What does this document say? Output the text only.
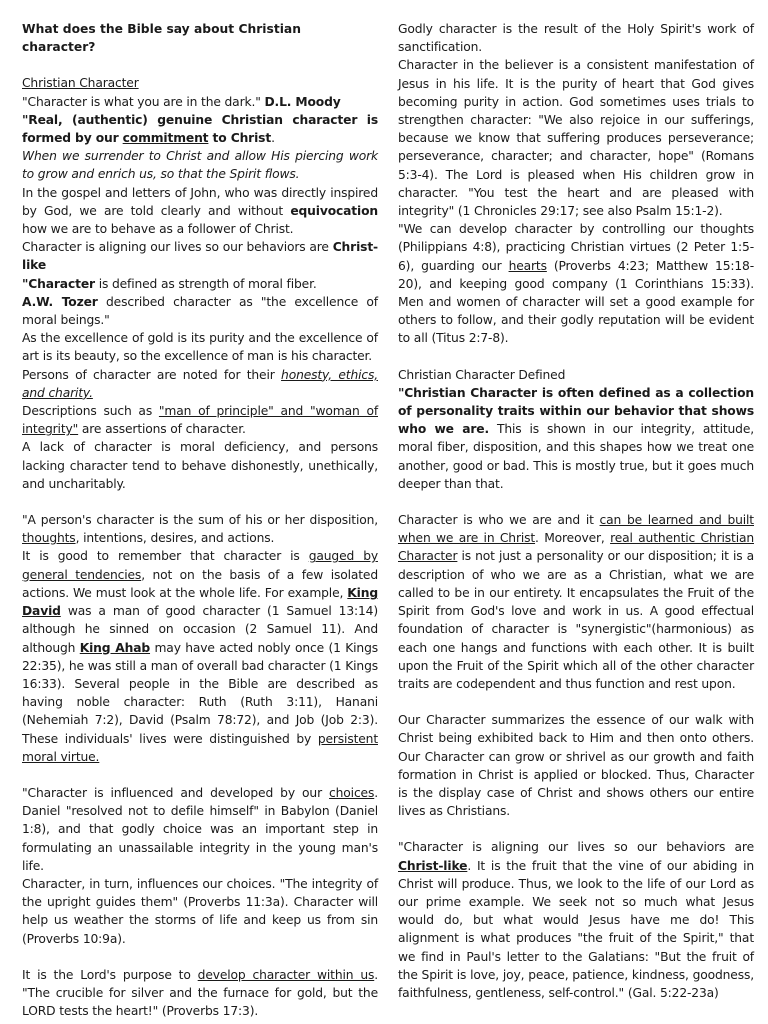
What does the Bible say about Christian character?

Christian Character

"Character is what you are in the dark." D.L. Moody

"Real, (authentic) genuine Christian character is formed by our commitment to Christ.

When we surrender to Christ and allow His piercing work to grow and enrich us, so that the Spirit flows.

In the gospel and letters of John, who was directly inspired by God, we are told clearly and without equivocation how we are to behave as a follower of Christ.

Character is aligning our lives so our behaviors are Christ-like

"Character is defined as strength of moral fiber.

A.W. Tozer described character as "the excellence of moral beings."

As the excellence of gold is its purity and the excellence of art is its beauty, so the excellence of man is his character.

Persons of character are noted for their honesty, ethics, and charity.

Descriptions such as "man of principle" and "woman of integrity" are assertions of character.

A lack of character is moral deficiency, and persons lacking character tend to behave dishonestly, unethically, and uncharitably.

"A person's character is the sum of his or her disposition, thoughts, intentions, desires, and actions.

It is good to remember that character is gauged by general tendencies, not on the basis of a few isolated actions. We must look at the whole life. For example, King David was a man of good character (1 Samuel 13:14) although he sinned on occasion (2 Samuel 11). And although King Ahab may have acted nobly once (1 Kings 22:35), he was still a man of overall bad character (1 Kings 16:33). Several people in the Bible are described as having noble character: Ruth (Ruth 3:11), Hanani (Nehemiah 7:2), David (Psalm 78:72), and Job (Job 2:3). These individuals' lives were distinguished by persistent moral virtue.

"Character is influenced and developed by our choices. Daniel "resolved not to defile himself" in Babylon (Daniel 1:8), and that godly choice was an important step in formulating an unassailable integrity in the young man's life.

Character, in turn, influences our choices. "The integrity of the upright guides them" (Proverbs 11:3a). Character will help us weather the storms of life and keep us from sin (Proverbs 10:9a).

It is the Lord's purpose to develop character within us. "The crucible for silver and the furnace for gold, but the LORD tests the heart!" (Proverbs 17:3).

Godly character is the result of the Holy Spirit's work of sanctification.

Character in the believer is a consistent manifestation of Jesus in his life. It is the purity of heart that God gives becoming purity in action. God sometimes uses trials to strengthen character: "We also rejoice in our sufferings, because we know that suffering produces perseverance; perseverance, character; and character, hope" (Romans 5:3-4). The Lord is pleased when His children grow in character. "You test the heart and are pleased with integrity" (1 Chronicles 29:17; see also Psalm 15:1-2).

"We can develop character by controlling our thoughts (Philippians 4:8), practicing Christian virtues (2 Peter 1:5-6), guarding our hearts (Proverbs 4:23; Matthew 15:18-20), and keeping good company (1 Corinthians 15:33). Men and women of character will set a good example for others to follow, and their godly reputation will be evident to all (Titus 2:7-8).

Christian Character Defined

"Christian Character is often defined as a collection of personality traits within our behavior that shows who we are. This is shown in our integrity, attitude, moral fiber, disposition, and this shapes how we treat one another, good or bad. This is mostly true, but it goes much deeper than that.

Character is who we are and it can be learned and built when we are in Christ. Moreover, real authentic Christian Character is not just a personality or our disposition; it is a description of who we are as a Christian, what we are called to be in our entirety. It encapsulates the Fruit of the Spirit from God's love and work in us. A good effectual foundation of character is "synergistic"(harmonious) as each one hangs and functions with each other. It is built upon the Fruit of the Spirit which all of the other character traits are codependent and thus function and rest upon.

Our Character summarizes the essence of our walk with Christ being exhibited back to Him and then onto others. Our Character can grow or shrivel as our growth and faith formation in Christ is applied or blocked. Thus, Character is the display case of Christ and shows others our entire lives as Christians.

"Character is aligning our lives so our behaviors are Christ-like. It is the fruit that the vine of our abiding in Christ will produce. Thus, we look to the life of our Lord as our prime example. We seek not so much what Jesus would do, but what would Jesus have me do! This alignment is what produces "the fruit of the Spirit," that we find in Paul's letter to the Galatians: "But the fruit of the Spirit is love, joy, peace, patience, kindness, goodness, faithfulness, gentleness, self-control." (Gal. 5:22-23a)
